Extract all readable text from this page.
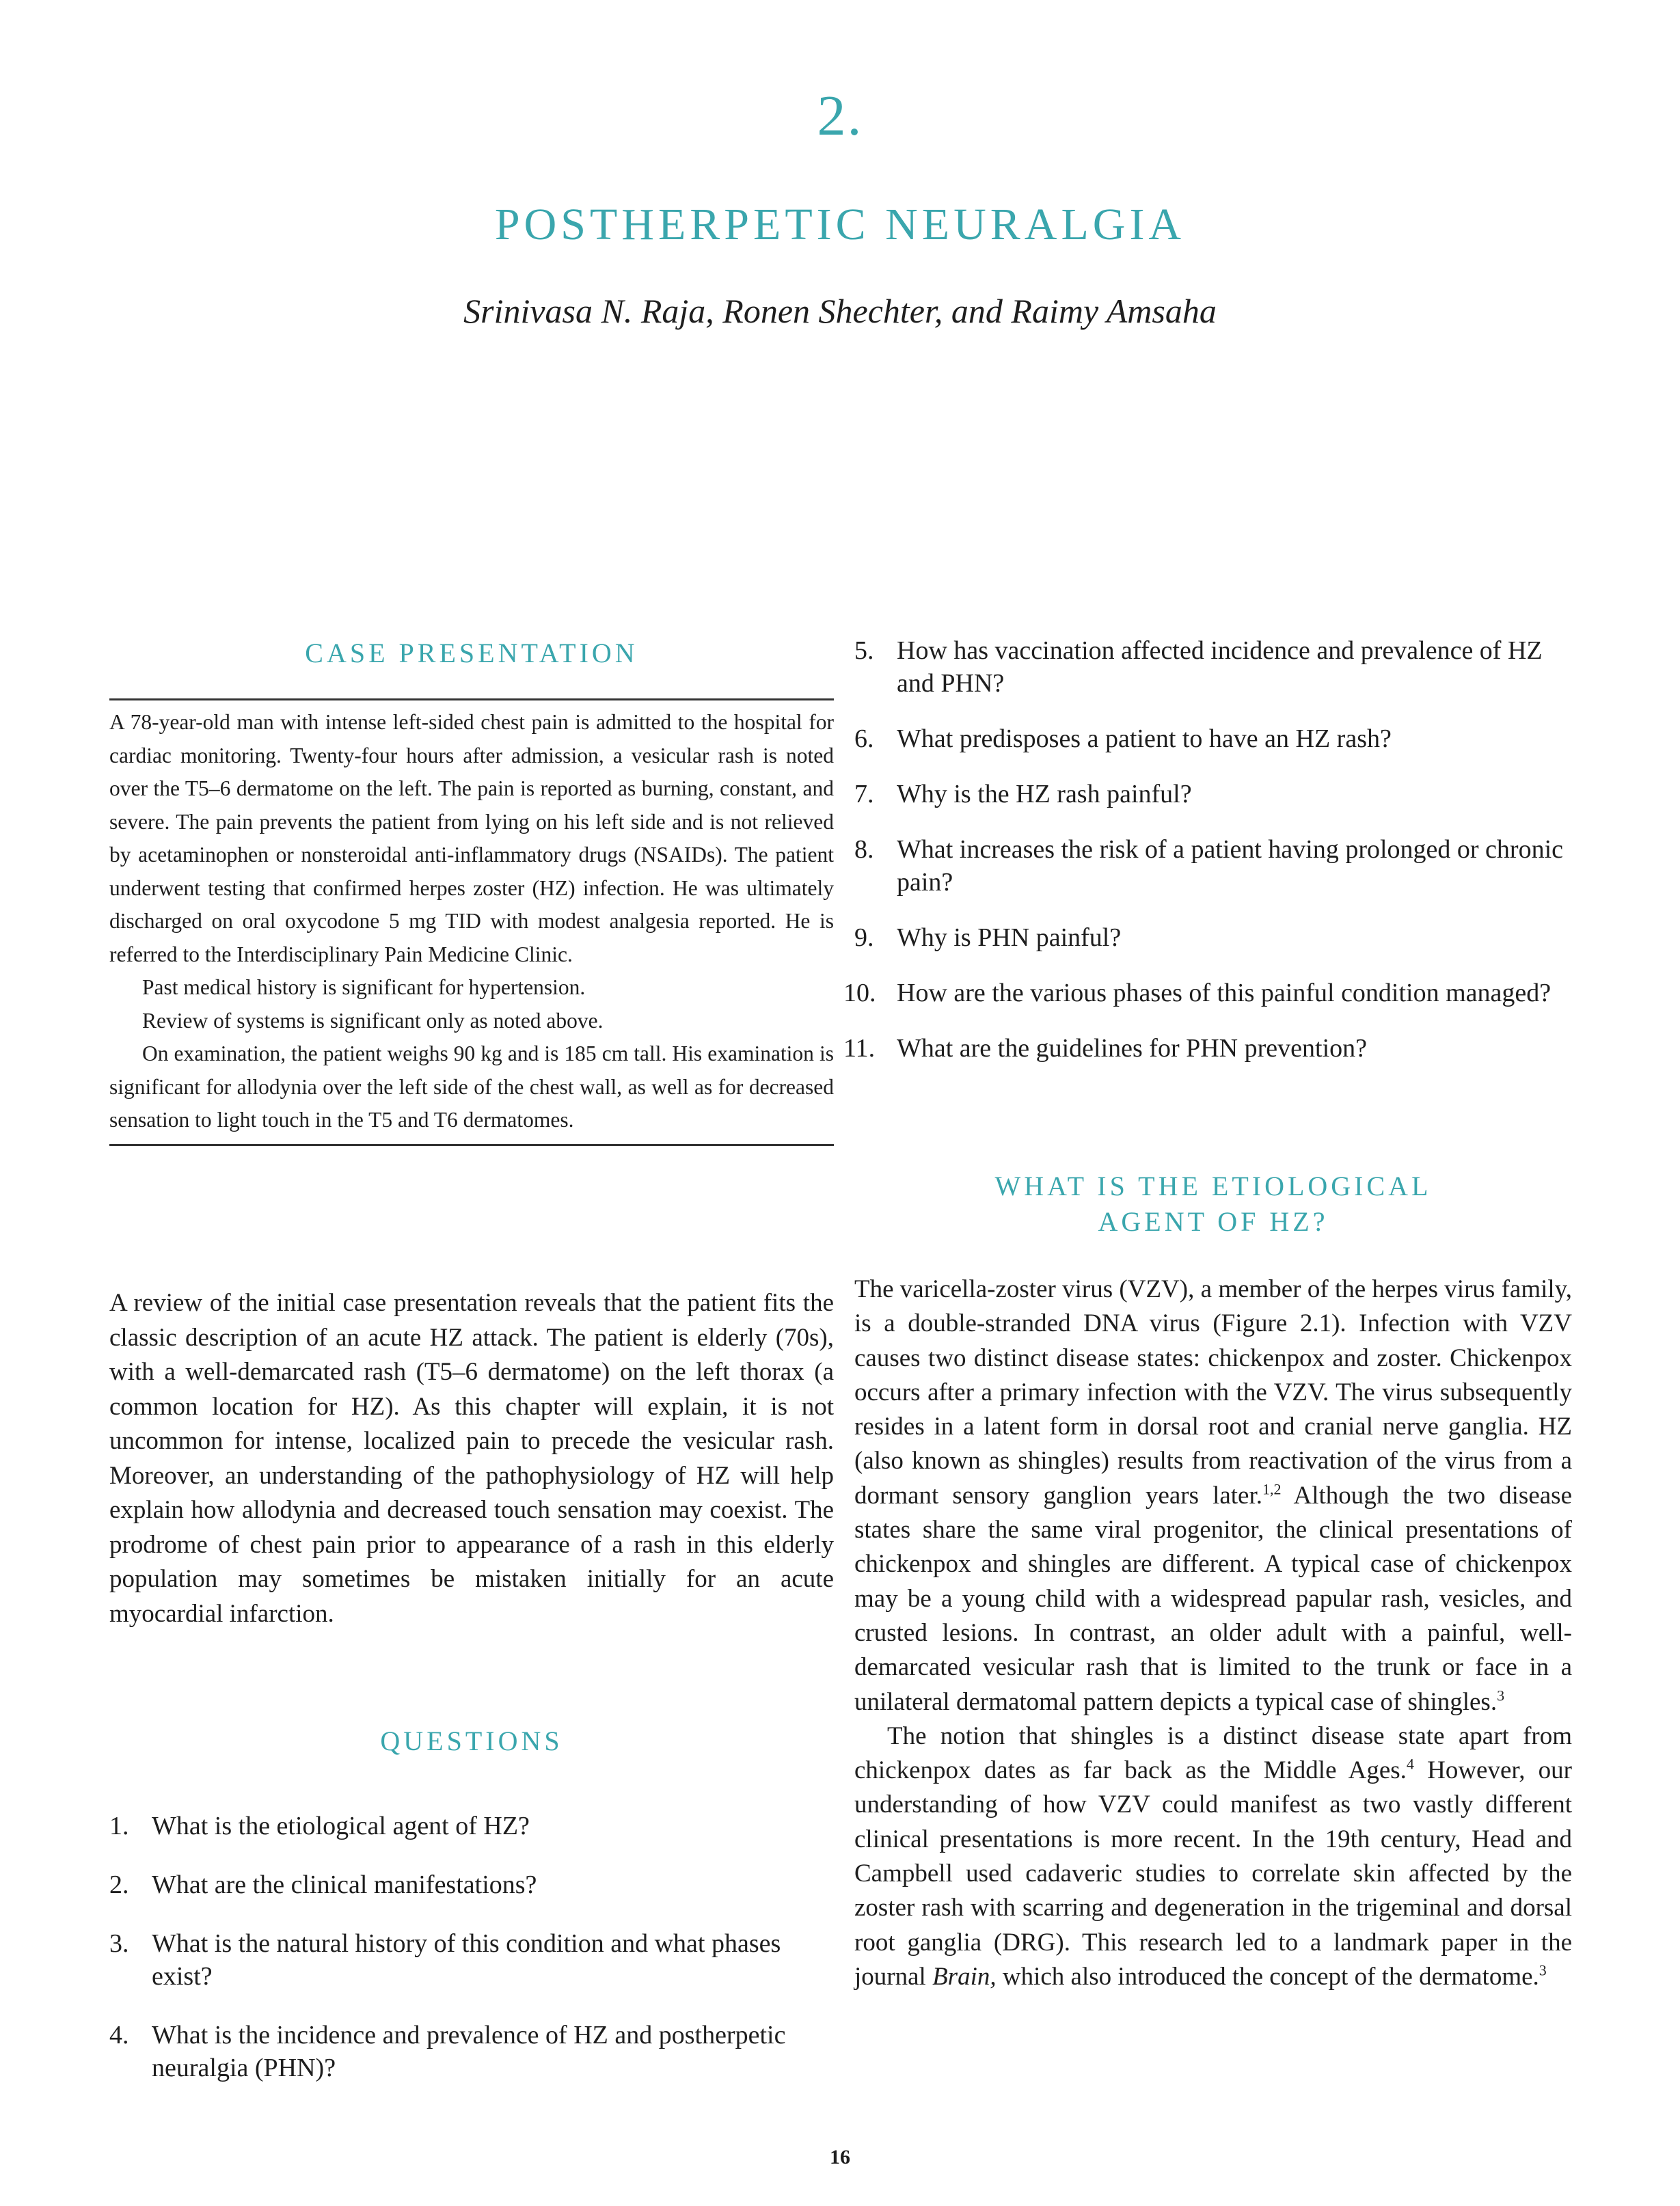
2.
POSTHERPETIC NEURALGIA
Srinivasa N. Raja, Ronen Shechter, and Raimy Amsaha
CASE PRESENTATION

A 78-year-old man with intense left-sided chest pain is admitted to the hospital for cardiac monitoring. Twenty-four hours after admission, a vesicular rash is noted over the T5–6 dermatome on the left. The pain is reported as burning, constant, and severe. The pain prevents the patient from lying on his left side and is not relieved by acetaminophen or nonsteroidal anti-inflammatory drugs (NSAIDs). The patient underwent testing that confirmed herpes zoster (HZ) infection. He was ultimately discharged on oral oxycodone 5 mg TID with modest analgesia reported. He is referred to the Interdisciplinary Pain Medicine Clinic.

Past medical history is significant for hypertension.

Review of systems is significant only as noted above.

On examination, the patient weighs 90 kg and is 185 cm tall. His examination is significant for allodynia over the left side of the chest wall, as well as for decreased sensation to light touch in the T5 and T6 dermatomes.

A review of the initial case presentation reveals that the patient fits the classic description of an acute HZ attack. The patient is elderly (70s), with a well-demarcated rash (T5–6 dermatome) on the left thorax (a common location for HZ). As this chapter will explain, it is not uncommon for intense, localized pain to precede the vesicular rash. Moreover, an understanding of the pathophysiology of HZ will help explain how allodynia and decreased touch sensation may coexist. The prodrome of chest pain prior to appearance of a rash in this elderly population may sometimes be mistaken initially for an acute myocardial infarction.

QUESTIONS
1. What is the etiological agent of HZ?
2. What are the clinical manifestations?
3. What is the natural history of this condition and what phases exist?
4. What is the incidence and prevalence of HZ and postherpetic neuralgia (PHN)?
5. How has vaccination affected incidence and prevalence of HZ and PHN?
6. What predisposes a patient to have an HZ rash?
7. Why is the HZ rash painful?
8. What increases the risk of a patient having prolonged or chronic pain?
9. Why is PHN painful?
10. How are the various phases of this painful condition managed?
11. What are the guidelines for PHN prevention?
WHAT IS THE ETIOLOGICAL
AGENT OF HZ?

The varicella-zoster virus (VZV), a member of the herpes virus family, is a double-stranded DNA virus (Figure 2.1). Infection with VZV causes two distinct disease states: chickenpox and zoster. Chickenpox occurs after a primary infection with the VZV. The virus subsequently resides in a latent form in dorsal root and cranial nerve ganglia. HZ (also known as shingles) results from reactivation of the virus from a dormant sensory ganglion years later.$^{1,2}$ Although the two disease states share the same viral progenitor, the clinical presentations of chickenpox and shingles are different. A typical case of chickenpox may be a young child with a widespread papular rash, vesicles, and crusted lesions. In contrast, an older adult with a painful, well-demarcated vesicular rash that is limited to the trunk or face in a unilateral dermatomal pattern depicts a typical case of shingles.$^3$

The notion that shingles is a distinct disease state apart from chickenpox dates as far back as the Middle Ages.$^4$ However, our understanding of how VZV could manifest as two vastly different clinical presentations is more recent. In the 19th century, Head and Campbell used cadaveric studies to correlate skin affected by the zoster rash with scarring and degeneration in the trigeminal and dorsal root ganglia (DRG). This research led to a landmark paper in the journal Brain, which also introduced the concept of the dermatome.$^3$

16
